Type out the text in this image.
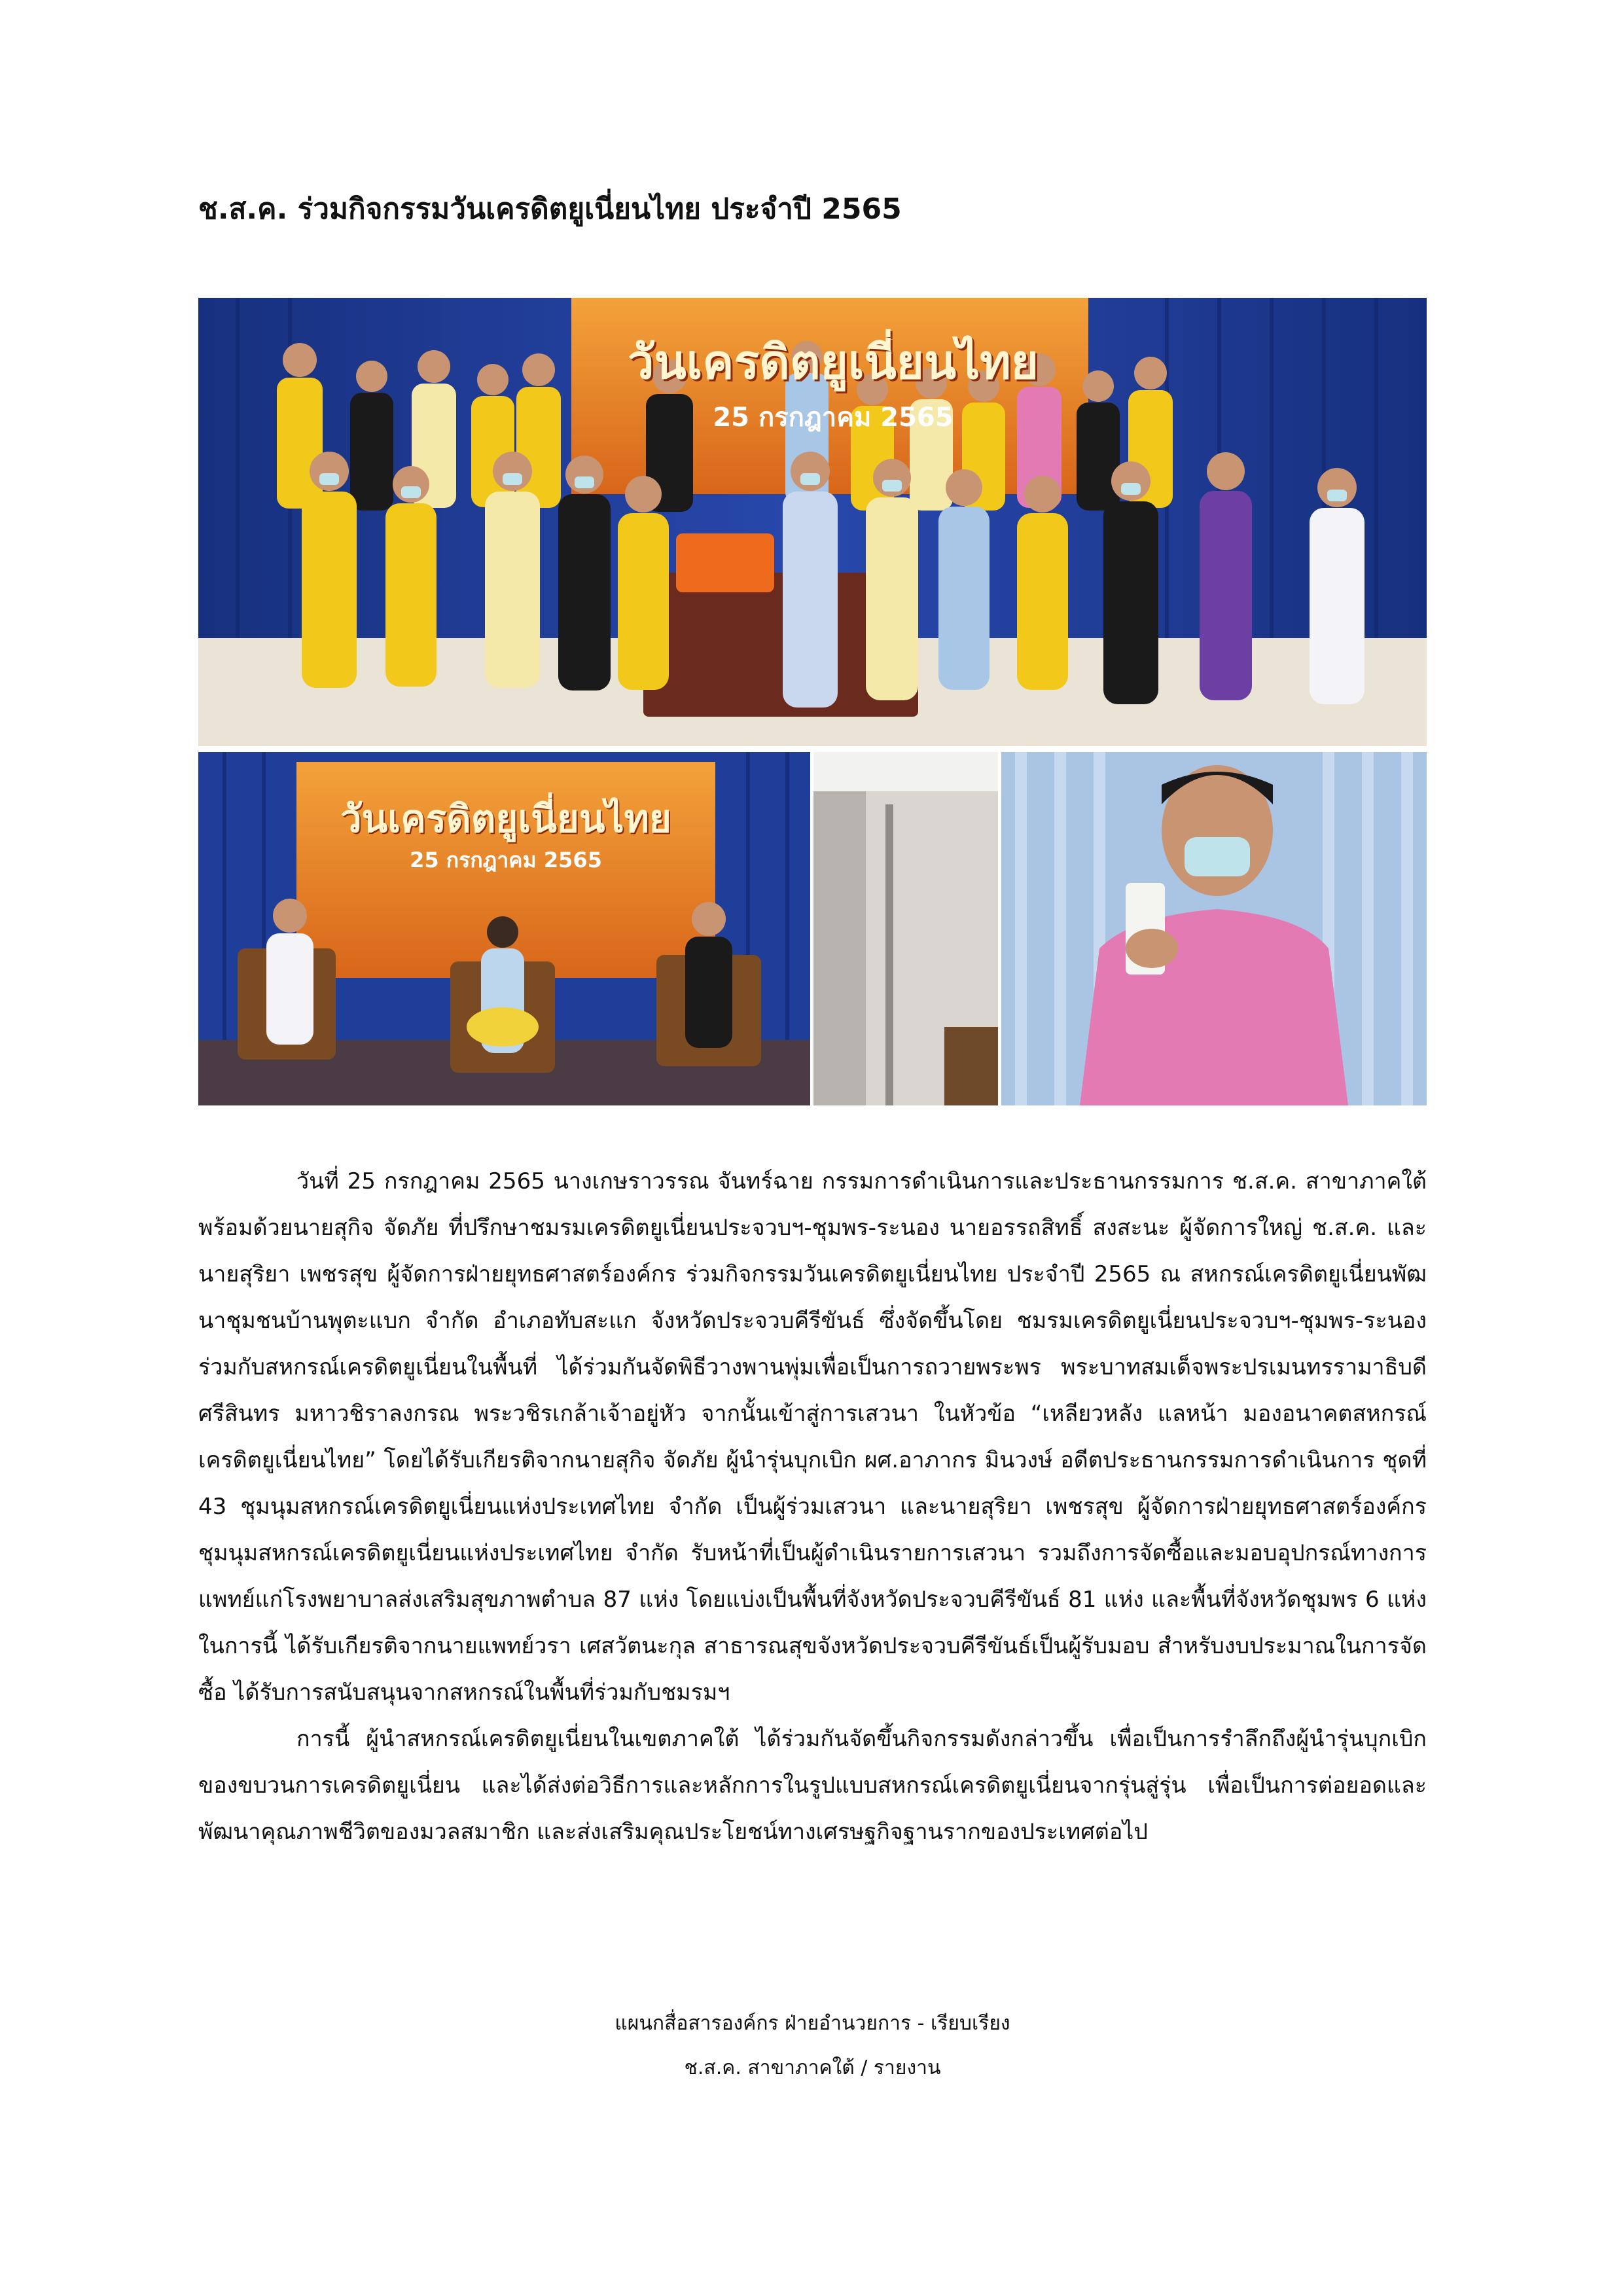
ช.ส.ค. ร่วมกิจกรรมวันเครดิตยูเนี่ยนไทย ประจำปี 2565
วันเครดิตยูเนี่ยนไทย
25 กรกฎาคม 2565
วันเครดิตยูเนี่ยนไทย
25 กรกฎาคม 2565

วันที่ 25 กรกฎาคม 2565 นางเกษราวรรณ จันทร์ฉาย กรรมการดำเนินการและประธานกรรมการ ช.ส.ค. สาขาภาคใต้ พร้อมด้วยนายสุกิจ จัดภัย ที่ปรึกษาชมรมเครดิตยูเนี่ยนประจวบฯ-ชุมพร-ระนอง นายอรรถสิทธิ์ สงสะนะ ผู้จัดการใหญ่ ช.ส.ค. และนายสุริยา เพชรสุข ผู้จัดการฝ่ายยุทธศาสตร์องค์กร ร่วมกิจกรรมวันเครดิตยูเนี่ยนไทย ประจำปี 2565 ณ สหกรณ์เครดิตยูเนี่ยนพัฒนาชุมชนบ้านพุตะแบก จำกัด อำเภอทับสะแก จังหวัดประจวบคีรีขันธ์ ซึ่งจัดขึ้นโดย ชมรมเครดิตยูเนี่ยนประจวบฯ-ชุมพร-ระนอง ร่วมกับสหกรณ์เครดิตยูเนี่ยนในพื้นที่ ได้ร่วมกันจัดพิธีวางพานพุ่มเพื่อเป็นการถวายพระพร พระบาทสมเด็จพระปรเมนทรรามาธิบดีศรีสินทร มหาวชิราลงกรณ พระวชิรเกล้าเจ้าอยู่หัว จากนั้นเข้าสู่การเสวนา ในหัวข้อ “เหลียวหลัง แลหน้า มองอนาคตสหกรณ์เครดิตยูเนี่ยนไทย” โดยได้รับเกียรติจากนายสุกิจ จัดภัย ผู้นำรุ่นบุกเบิก ผศ.อาภากร มินวงษ์ อดีตประธานกรรมการดำเนินการ ชุดที่ 43 ชุมนุมสหกรณ์เครดิตยูเนี่ยนแห่งประเทศไทย จำกัด เป็นผู้ร่วมเสวนา และนายสุริยา เพชรสุข ผู้จัดการฝ่ายยุทธศาสตร์องค์กร ชุมนุมสหกรณ์เครดิตยูเนี่ยนแห่งประเทศไทย จำกัด รับหน้าที่เป็นผู้ดำเนินรายการเสวนา รวมถึงการจัดซื้อและมอบอุปกรณ์ทางการแพทย์แก่โรงพยาบาลส่งเสริมสุขภาพตำบล 87 แห่ง โดยแบ่งเป็นพื้นที่จังหวัดประจวบคีรีขันธ์ 81 แห่ง และพื้นที่จังหวัดชุมพร 6 แห่ง ในการนี้ ได้รับเกียรติจากนายแพทย์วรา เศสวัตนะกุล สาธารณสุขจังหวัดประจวบคีรีขันธ์เป็นผู้รับมอบ สำหรับงบประมาณในการจัดซื้อ ได้รับการสนับสนุนจากสหกรณ์ในพื้นที่ร่วมกับชมรมฯ

การนี้ ผู้นำสหกรณ์เครดิตยูเนี่ยนในเขตภาคใต้ ได้ร่วมกันจัดขึ้นกิจกรรมดังกล่าวขึ้น เพื่อเป็นการรำลึกถึงผู้นำรุ่นบุกเบิกของขบวนการเครดิตยูเนี่ยน และได้ส่งต่อวิธีการและหลักการในรูปแบบสหกรณ์เครดิตยูเนี่ยนจากรุ่นสู่รุ่น เพื่อเป็นการต่อยอดและพัฒนาคุณภาพชีวิตของมวลสมาชิก และส่งเสริมคุณประโยชน์ทางเศรษฐกิจฐานรากของประเทศต่อไป

แผนกสื่อสารองค์กร ฝ่ายอำนวยการ - เรียบเรียง
ช.ส.ค. สาขาภาคใต้ / รายงาน
